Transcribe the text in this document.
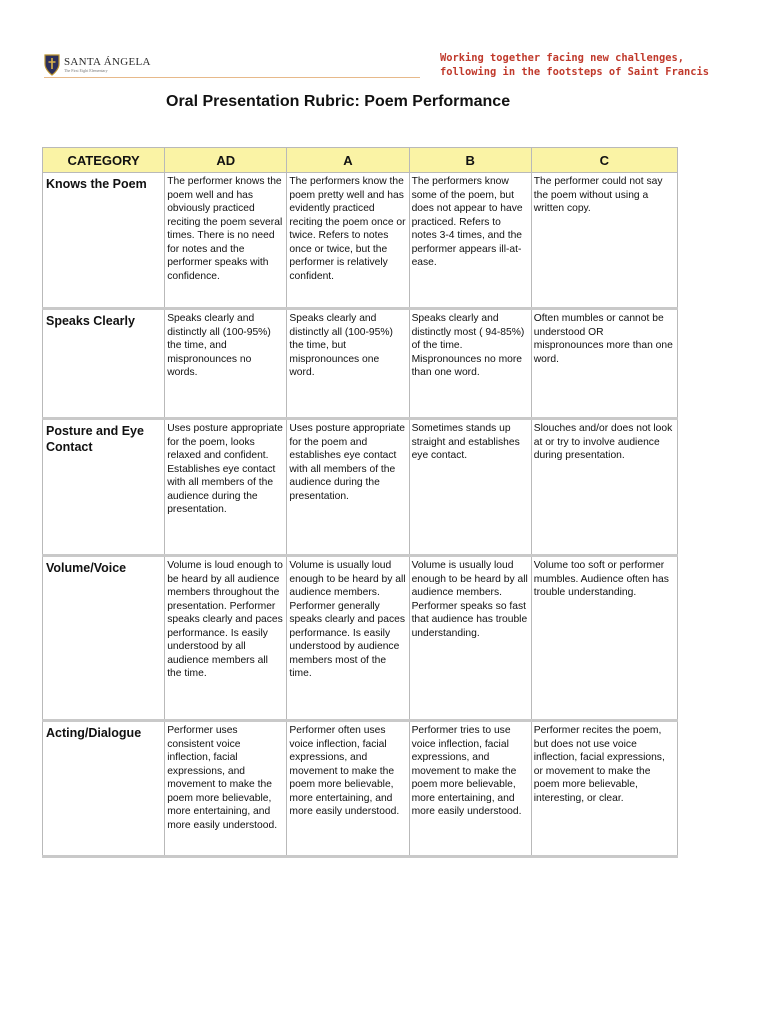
SANTA ÁNGELA
The First Eight Elementary
Working together facing new challenges,
following in the footsteps of Saint Francis
Oral Presentation Rubric: Poem Performance
CATEGORY	AD	A	B	C
Knows the Poem	The performer knows the poem well and has obviously practiced reciting the poem several times. There is no need for notes and the performer speaks with confidence.	The performers know the poem pretty well and has evidently practiced reciting the poem once or twice. Refers to notes once or twice, but the performer is relatively confident.	The performers know some of the poem, but does not appear to have practiced. Refers to notes 3-4 times, and the performer appears ill-at-ease.	The performer could not say the poem without using a written copy.
Speaks Clearly	Speaks clearly and distinctly all (100-95%) the time, and mispronounces no words.	Speaks clearly and distinctly all (100-95%) the time, but mispronounces one word.	Speaks clearly and distinctly most ( 94-85%) of the time. Mispronounces no more than one word.	Often mumbles or cannot be understood OR mispronounces more than one word.
Posture and Eye Contact	Uses posture appropriate for the poem, looks relaxed and confident. Establishes eye contact with all members of the audience during the presentation.	Uses posture appropriate for the poem and establishes eye contact with all members of the audience during the presentation.	Sometimes stands up straight and establishes eye contact.	Slouches and/or does not look at or try to involve audience during presentation.
Volume/Voice	Volume is loud enough to be heard by all audience members throughout the presentation. Performer speaks clearly and paces performance. Is easily understood by all audience members all the time.	Volume is usually loud enough to be heard by all audience members. Performer generally speaks clearly and paces performance. Is easily understood by audience members most of the time.	Volume is usually loud enough to be heard by all audience members. Performer speaks so fast that audience has trouble understanding.	Volume too soft or performer mumbles. Audience often has trouble understanding.
Acting/Dialogue	Performer uses consistent voice inflection, facial expressions, and movement to make the poem more believable, more entertaining, and more easily understood.	Performer often uses voice inflection, facial expressions, and movement to make the poem more believable, more entertaining, and more easily understood.	Performer tries to use voice inflection, facial expressions, and movement to make the poem more believable, more entertaining, and more easily understood.	Performer recites the poem, but does not use voice inflection, facial expressions, or movement to make the poem more believable, interesting, or clear.
